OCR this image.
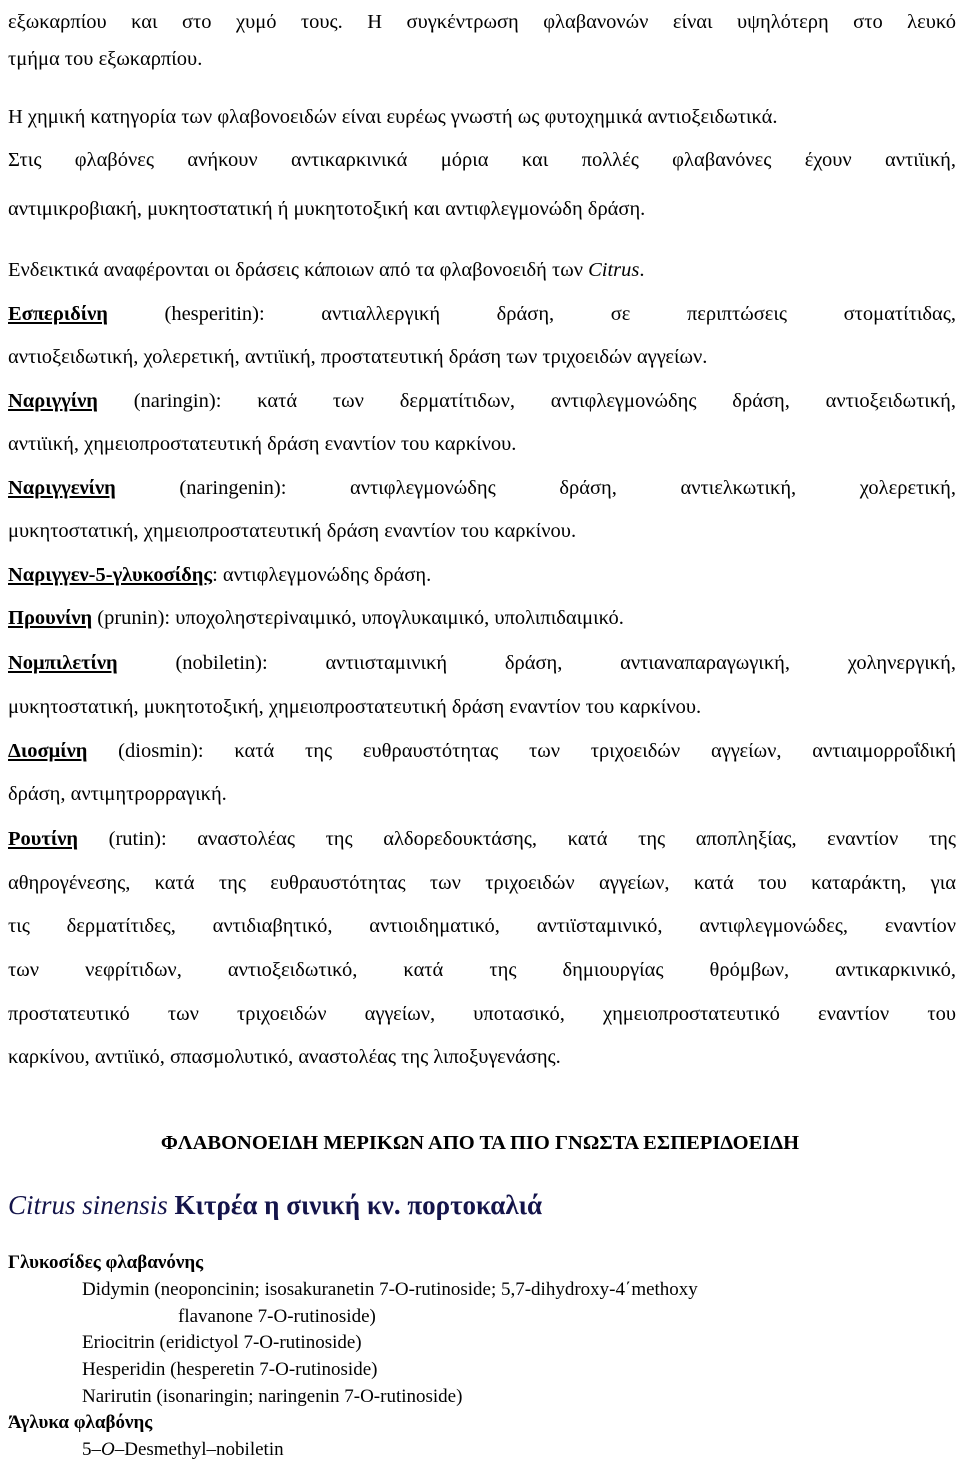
εξωκαρπίου και στο χυμό τους. Η συγκέντρωση φλαβανονών είναι υψηλότερη στο λευκό
τμήμα του εξωκαρπίου.
Η χημική κατηγορία των φλαβονοειδών είναι ευρέως γνωστή ως φυτοχημικά αντιοξειδωτικά.
Στις φλαβόνες ανήκουν αντικαρκινικά μόρια και πολλές φλαβανόνες έχουν αντιϊική,
αντιμικροβιακή, μυκητοστατική ή μυκητοτοξική και αντιφλεγμονώδη δράση.
Ενδεικτικά αναφέρονται οι δράσεις κάποιων από τα φλαβονοειδή των Citrus.
Εσπεριδίνη (hesperitin): αντιαλλεργική δράση, σε περιπτώσεις στοματίτιδας,
αντιοξειδωτική, χολερετική, αντιϊική, προστατευτική δράση των τριχοειδών αγγείων.
Ναριγγίνη (naringin): κατά των δερματίτιδων, αντιφλεγμονώδης δράση, αντιοξειδωτική,
αντιϊική, χημειοπροστατευτική δράση εναντίον του καρκίνου.
Ναριγγενίνη (naringenin): αντιφλεγμονώδης δράση, αντιελκωτική, χολερετική,
μυκητοστατική, χημειοπροστατευτική δράση εναντίον του καρκίνου.
Ναριγγεν-5-γλυκοσίδης: αντιφλεγμονώδης δράση.
Προυνίνη (prunin): υποχοληστερiναιμικό, υπογλυκαιμικό, υπολιπιδαιμικό.
Νομπιλετίνη (nobiletin): αντιισταμινική δράση, αντιαναπαραγωγική, χοληνεργική,
μυκητοστατική, μυκητοτοξική, χημειοπροστατευτική δράση εναντίον του καρκίνου.
Διοσμίνη (diosmin): κατά της ευθραυστότητας των τριχοειδών αγγείων, αντιαιμορροΐδική
δράση, αντιμητρορραγική.
Ρουτίνη (rutin): αναστολέας της αλδορεδουκτάσης, κατά της αποπληξίας, εναντίον της
αθηρογένεσης, κατά της ευθραυστότητας των τριχοειδών αγγείων, κατά του καταράκτη, για
τις δερματίτιδες, αντιδιαβητικό, αντιοιδηματικό, αντιϊσταμινικό, αντιφλεγμονώδες, εναντίον
των νεφρίτιδων, αντιοξειδωτικό, κατά της δημιουργίας θρόμβων, αντικαρκινικό,
προστατευτικό των τριχοειδών αγγείων, υποτασικό, χημειοπροστατευτικό εναντίον του
καρκίνου, αντιϊικό, σπασμολυτικό, αναστολέας της λιποξυγενάσης.
ΦΛΑΒΟΝΟΕΙΔΗ ΜΕΡΙΚΩΝ ΑΠΟ ΤΑ ΠΙΟ ΓΝΩΣΤΑ ΕΣΠΕΡΙΔΟΕΙΔΗ
Citrus sinensis Κιτρέα η σινική κν. πορτοκαλιά
Γλυκοσίδες φλαβανόνης
Didymin (neoponcinin; isosakuranetin 7-O-rutinoside; 5,7-dihydroxy-4΄methoxy
flavanone 7-O-rutinoside)
Eriocitrin (eridictyol 7-O-rutinoside)
Hesperidin (hesperetin 7-O-rutinoside)
Narirutin (isonaringin; naringenin 7-O-rutinoside)
Άγλυκα φλαβόνης
5–O–Desmethyl–nobiletin
